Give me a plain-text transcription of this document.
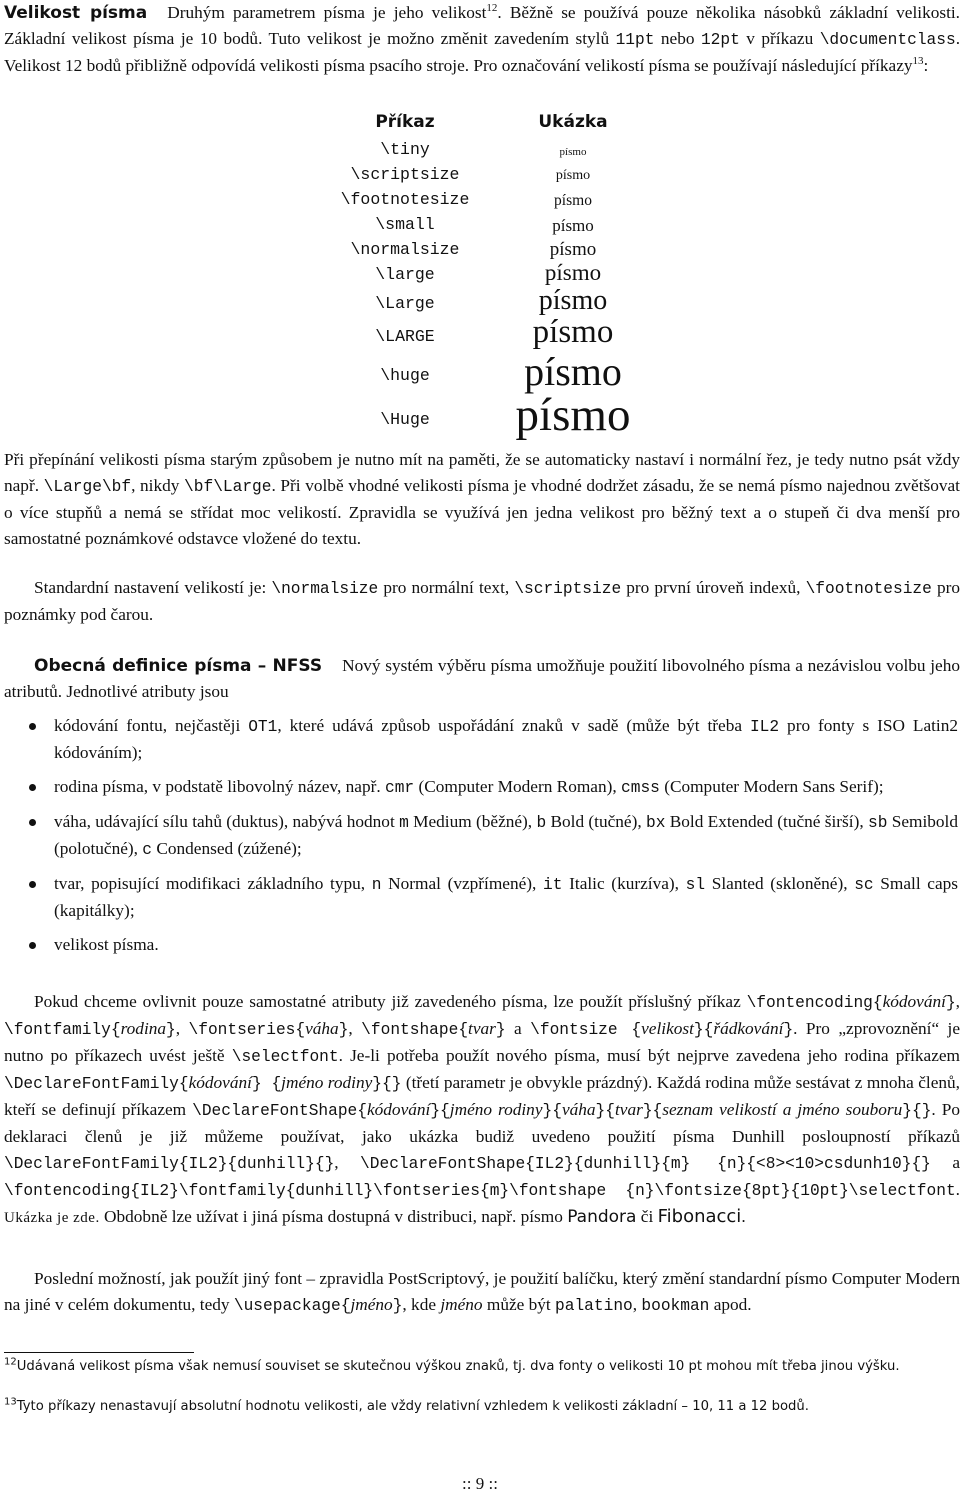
Velikost písma Druhým parametrem písma je jeho velikost$^{12}$. Běžně se používá pouze několika násobků základní velikosti. Základní velikost písma je 10 bodů. Tuto velikost je možno změnit zavedením stylů 11pt nebo 12pt v příkazu \documentclass. Velikost 12 bodů přibližně odpovídá velikosti písma psacího stroje. Pro označování velikostí písma se používají následující příkazy$^{13}$:

Příkaz	Ukázka
\tiny	písmo
\scriptsize	písmo
\footnotesize	písmo
\small	písmo
\normalsize	písmo
\large	písmo
\Large	písmo
\LARGE	písmo
\huge	písmo
\Huge	písmo

Při přepínání velikosti písma starým způsobem je nutno mít na paměti, že se automaticky nastaví i normální řez, je tedy nutno psát vždy např. \Large\bf, nikdy \bf\Large. Při volbě vhodné velikosti písma je vhodné dodržet zásadu, že se nemá písmo najednou zvětšovat o více stupňů a nemá se střídat moc velikostí. Zpravidla se využívá jen jedna velikost pro běžný text a o stupeň či dva menší pro samostatné poznámkové odstavce vložené do textu.

Standardní nastavení velikostí je: \normalsize pro normální text, \scriptsize pro první úroveň indexů, \footnotesize pro poznámky pod čarou.

Obecná definice písma – NFSS Nový systém výběru písma umožňuje použití libovolného písma a nezávislou volbu jeho atributů. Jednotlivé atributy jsou

kódování fontu, nejčastěji OT1, které udává způsob uspořádání znaků v sadě (může být třeba IL2 pro fonty s ISO Latin2 kódováním);
rodina písma, v podstatě libovolný název, např. cmr (Computer Modern Roman), cmss (Computer Modern Sans Serif);
váha, udávající sílu tahů (duktus), nabývá hodnot m Medium (běžné), b Bold (tučné), bx Bold Extended (tučné širší), sb Semibold (polotučné), c Condensed (zúžené);
tvar, popisující modifikaci základního typu, n Normal (vzpřímené), it Italic (kurzíva), sl Slanted (skloněné), sc Small caps (kapitálky);
velikost písma.

Pokud chceme ovlivnit pouze samostatné atributy již zavedeného písma, lze použít příslušný příkaz \fontencoding{kódování}, \fontfamily{rodina}, \fontseries{váha}, \fontshape{tvar} a \fontsize {velikost}{řádkování}. Pro „zprovoznění“ je nutno po příkazech uvést ještě \selectfont. Je-li potřeba použít nového písma, musí být nejprve zavedena jeho rodina příkazem \DeclareFontFamily{kódování} {jméno rodiny}{} (třetí parametr je obvykle prázdný). Každá rodina může sestávat z mnoha členů, kteří se definují příkazem \DeclareFontShape{kódování}{jméno rodiny}{váha}{tvar}{seznam velikostí a jméno souboru}{}. Po deklaraci členů je již můžeme používat, jako ukázka budiž uvedeno použití písma Dunhill posloupností příkazů \DeclareFontFamily{IL2}{dunhill}{}, \DeclareFontShape{IL2}{dunhill}{m} {n}{<8><10>csdunh10}{} a \fontencoding{IL2}\fontfamily{dunhill}\fontseries{m}\fontshape {n}\fontsize{8pt}{10pt}\selectfont. Ukázka je zde. Obdobně lze užívat i jiná písma dostupná v distribuci, např. písmo Pandora či Fibonacci.

Poslední možností, jak použít jiný font – zpravidla PostScriptový, je použití balíčku, který změní standardní písmo Computer Modern na jiné v celém dokumentu, tedy \usepackage{jméno}, kde jméno může být palatino, bookman apod.

$^{12}$Udávaná velikost písma však nemusí souviset se skutečnou výškou znaků, tj. dva fonty o velikosti 10 pt mohou mít třeba jinou výšku.

$^{13}$Tyto příkazy nenastavují absolutní hodnotu velikosti, ale vždy relativní vzhledem k velikosti základní – 10, 11 a 12 bodů.

:: 9 ::
